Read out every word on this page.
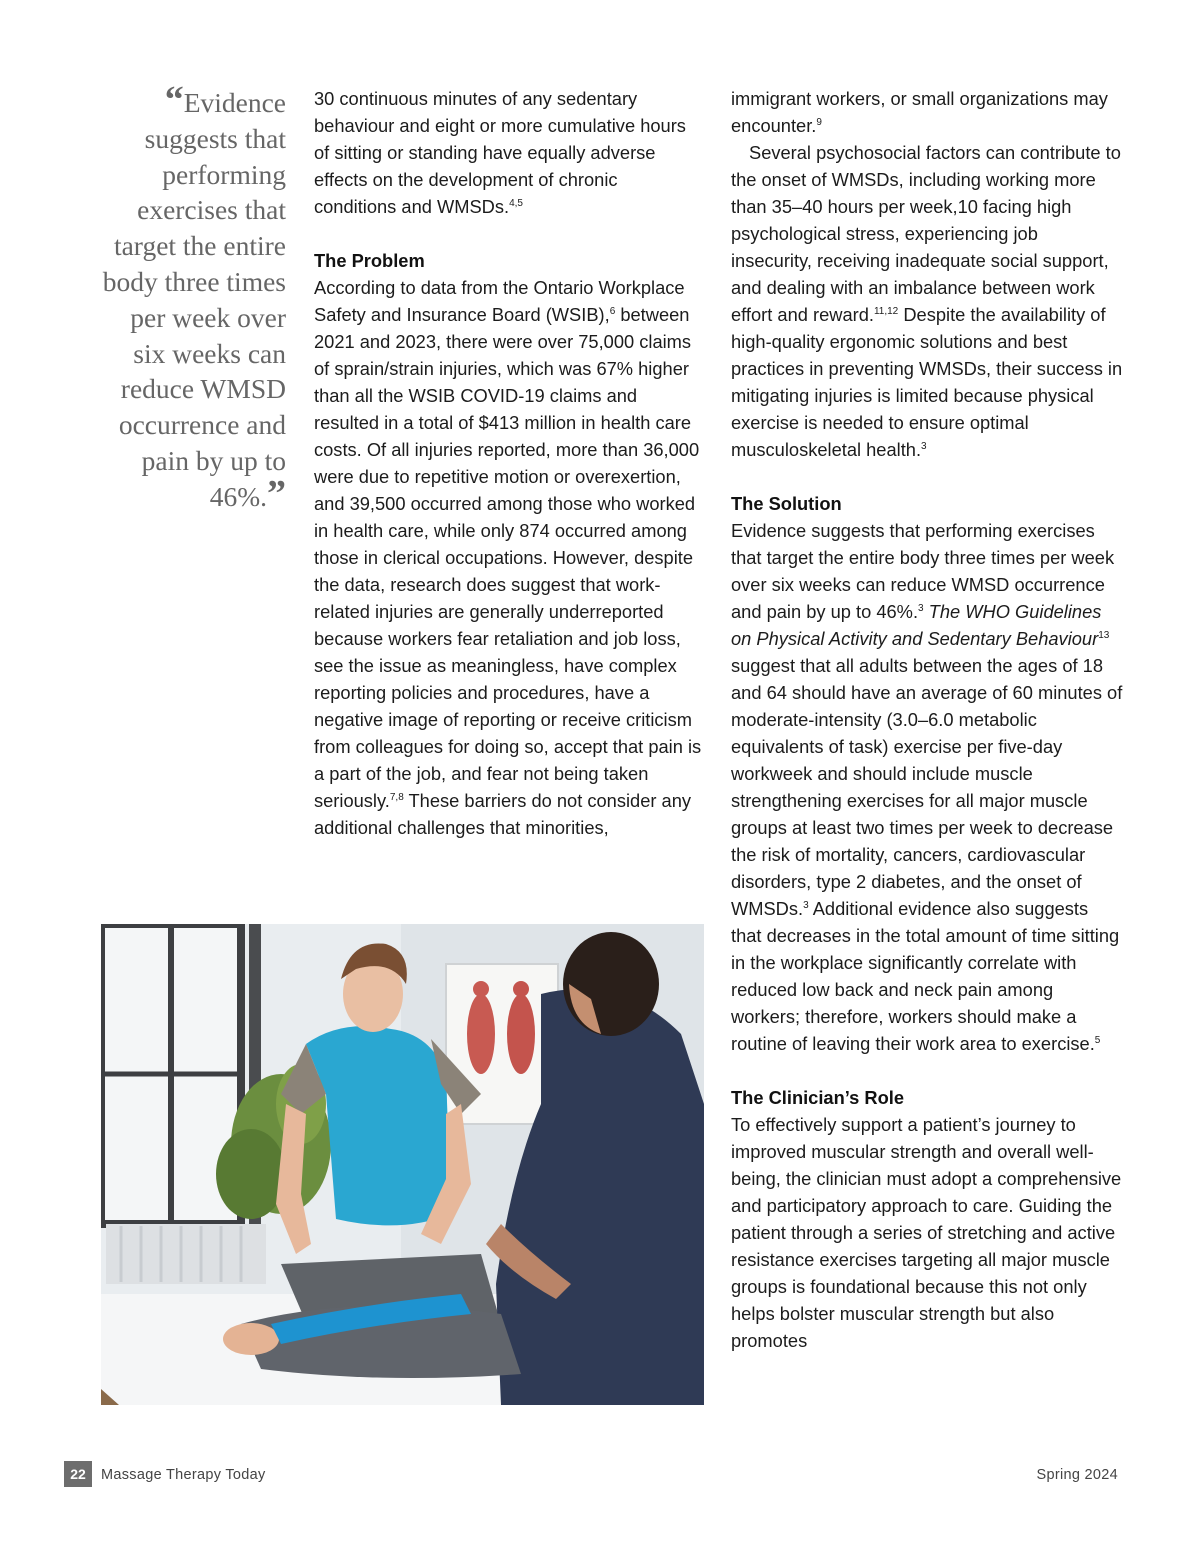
“Evidence suggests that performing exercises that target the entire body three times per week over six weeks can reduce WMSD occurrence and pain by up to 46%.”

30 continuous minutes of any sedentary behaviour and eight or more cumulative hours of sitting or standing have equally adverse effects on the development of chronic conditions and WMSDs.$^{4,5}$

The Problem

According to data from the Ontario Workplace Safety and Insurance Board (WSIB),$^6$ between 2021 and 2023, there were over 75,000 claims of sprain/strain injuries, which was 67% higher than all the WSIB COVID-19 claims and resulted in a total of $413 million in health care costs. Of all injuries reported, more than 36,000 were due to repetitive motion or overexertion, and 39,500 occurred among those who worked in health care, while only 874 occurred among those in clerical occupations. However, despite the data, research does suggest that work-related injuries are generally underreported because workers fear retaliation and job loss, see the issue as meaningless, have complex reporting policies and procedures, have a negative image of reporting or receive criticism from colleagues for doing so, accept that pain is a part of the job, and fear not being taken seriously.$^{7,8}$ These barriers do not consider any additional challenges that minorities,

immigrant workers, or small organizations may encounter.$^9$

Several psychosocial factors can contribute to the onset of WMSDs, including working more than 35–40 hours per week,10 facing high psychological stress, experiencing job insecurity, receiving inadequate social support, and dealing with an imbalance between work effort and reward.$^{11,12}$ Despite the availability of high-quality ergonomic solutions and best practices in preventing WMSDs, their success in mitigating injuries is limited because physical exercise is needed to ensure optimal musculoskeletal health.$^3$

The Solution

Evidence suggests that performing exercises that target the entire body three times per week over six weeks can reduce WMSD occurrence and pain by up to 46%.$^3$ The WHO Guidelines on Physical Activity and Sedentary Behaviour$^{13}$ suggest that all adults between the ages of 18 and 64 should have an average of 60 minutes of moderate-intensity (3.0–6.0 metabolic equivalents of task) exercise per five-day workweek and should include muscle strengthening exercises for all major muscle groups at least two times per week to decrease the risk of mortality, cancers, cardiovascular disorders, type 2 diabetes, and the onset of WMSDs.$^3$ Additional evidence also suggests that decreases in the total amount of time sitting in the workplace significantly correlate with reduced low back and neck pain among workers; therefore, workers should make a routine of leaving their work area to exercise.$^5$

The Clinician’s Role

To effectively support a patient’s journey to improved muscular strength and overall well-being, the clinician must adopt a comprehensive and participatory approach to care. Guiding the patient through a series of stretching and active resistance exercises targeting all major muscle groups is foundational because this not only helps bolster muscular strength but also promotes

22	Massage Therapy Today	Spring 2024
